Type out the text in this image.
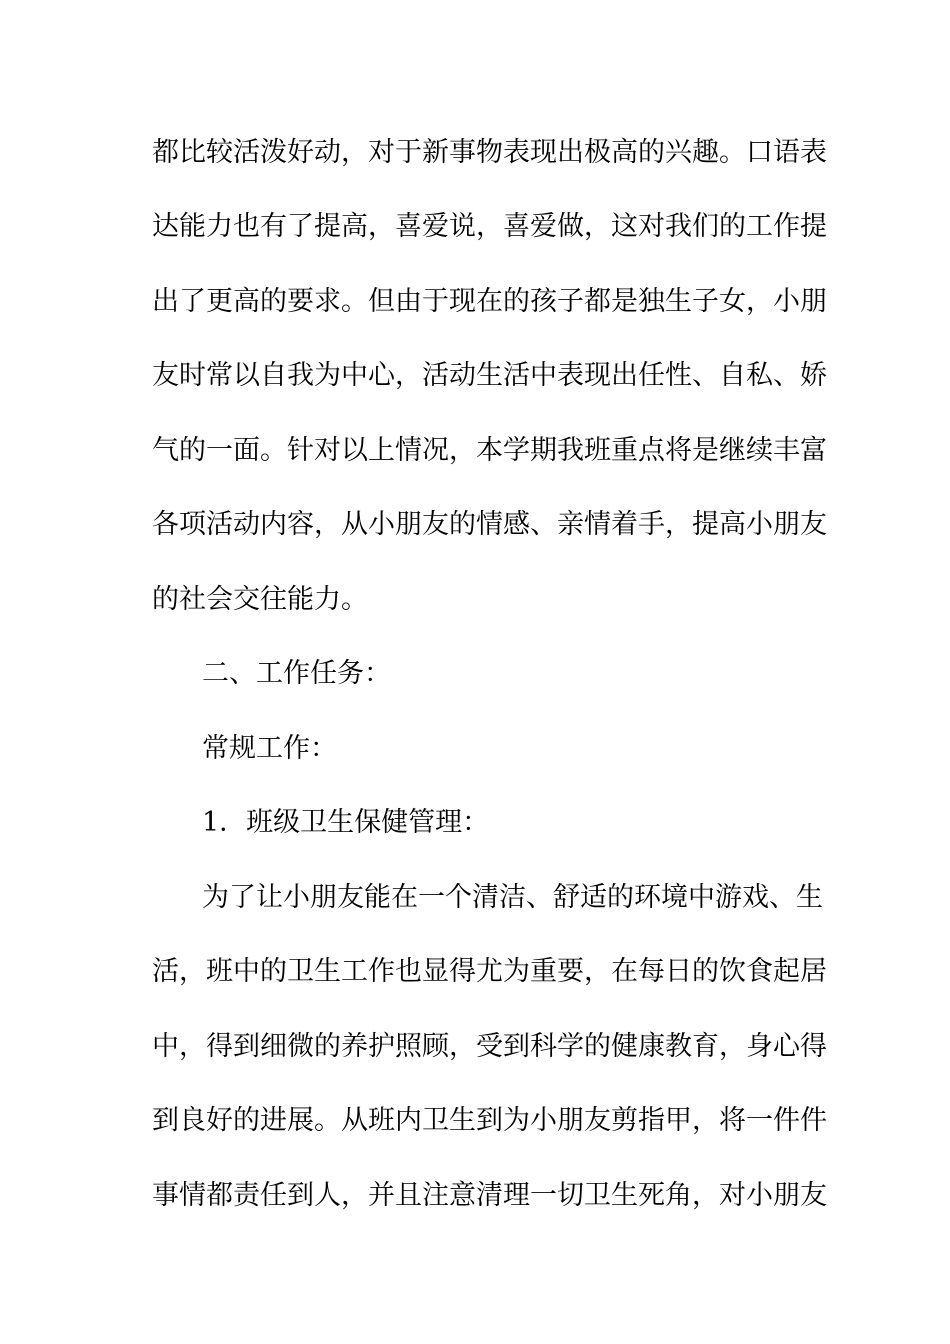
都比较活泼好动，对于新事物表现出极高的兴趣。口语表
达能力也有了提高，喜爱说，喜爱做，这对我们的工作提
出了更高的要求。但由于现在的孩子都是独生子女，小朋
友时常以自我为中心，活动生活中表现出任性、自私、娇
气的一面。针对以上情况，本学期我班重点将是继续丰富
各项活动内容，从小朋友的情感、亲情着手，提高小朋友
的社会交往能力。
二、工作任务：
常规工作：
1．班级卫生保健管理：
为了让小朋友能在一个清洁、舒适的环境中游戏、生
活，班中的卫生工作也显得尤为重要，在每日的饮食起居
中，得到细微的养护照顾，受到科学的健康教育，身心得
到良好的进展。从班内卫生到为小朋友剪指甲，将一件件
事情都责任到人，并且注意清理一切卫生死角，对小朋友
